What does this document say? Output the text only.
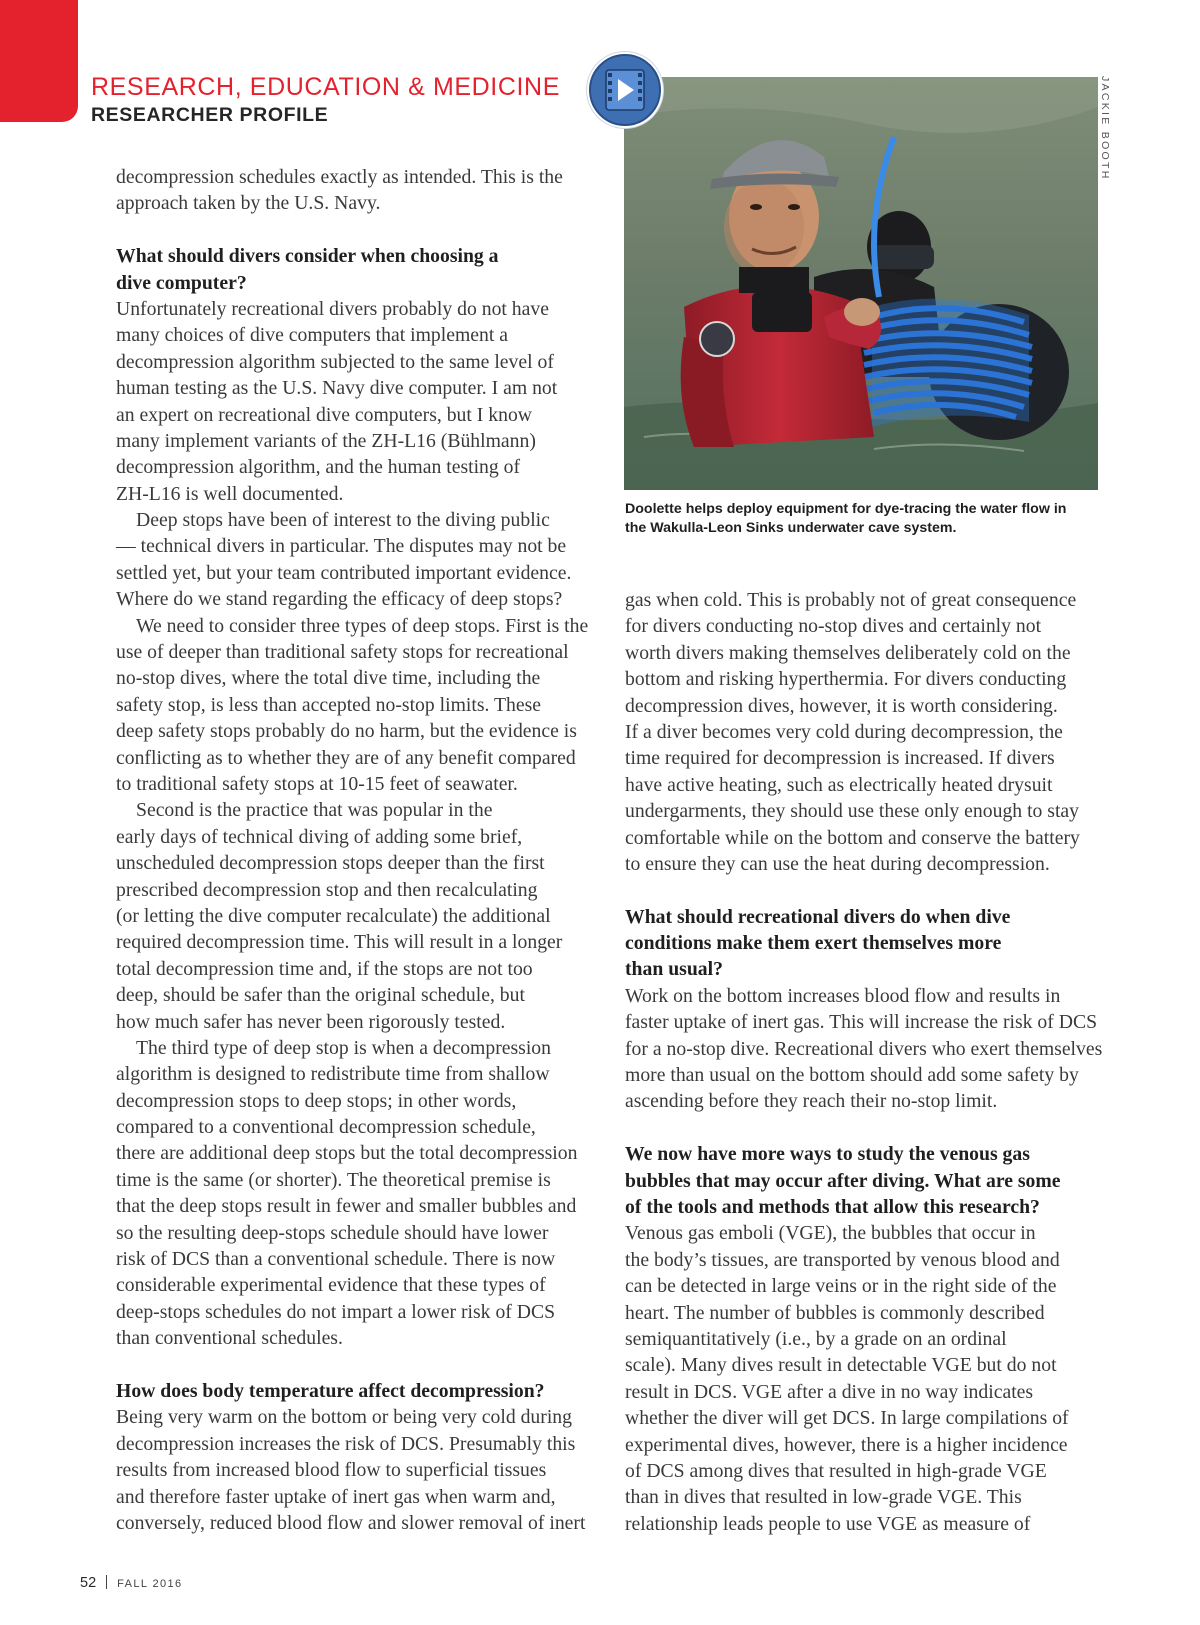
RESEARCH, EDUCATION & MEDICINE
RESEARCHER PROFILE	JACKIE BOOTH
Doolette helps deploy equipment for dye-tracing the water flow in
the Wakulla-Leon Sinks underwater cave system.
decompression schedules exactly as intended. This is the
approach taken by the U.S. Navy.
What should divers consider when choosing a
dive computer?
Unfortunately recreational divers probably do not have
many choices of dive computers that implement a
decompression algorithm subjected to the same level of
human testing as the U.S. Navy dive computer. I am not
an expert on recreational dive computers, but I know
many implement variants of the ZH-L16 (Bühlmann)
decompression algorithm, and the human testing of
ZH-L16 is well documented.
Deep stops have been of interest to the diving public
— technical divers in particular. The disputes may not be
settled yet, but your team contributed important evidence.
Where do we stand regarding the efficacy of deep stops?
We need to consider three types of deep stops. First is the
use of deeper than traditional safety stops for recreational
no-stop dives, where the total dive time, including the
safety stop, is less than accepted no-stop limits. These
deep safety stops probably do no harm, but the evidence is
conflicting as to whether they are of any benefit compared
to traditional safety stops at 10-15 feet of seawater.
Second is the practice that was popular in the
early days of technical diving of adding some brief,
unscheduled decompression stops deeper than the first
prescribed decompression stop and then recalculating
(or letting the dive computer recalculate) the additional
required decompression time. This will result in a longer
total decompression time and, if the stops are not too
deep, should be safer than the original schedule, but
how much safer has never been rigorously tested.
The third type of deep stop is when a decompression
algorithm is designed to redistribute time from shallow
decompression stops to deep stops; in other words,
compared to a conventional decompression schedule,
there are additional deep stops but the total decompression
time is the same (or shorter). The theoretical premise is
that the deep stops result in fewer and smaller bubbles and
so the resulting deep-stops schedule should have lower
risk of DCS than a conventional schedule. There is now
considerable experimental evidence that these types of
deep-stops schedules do not impart a lower risk of DCS
than conventional schedules.
How does body temperature affect decompression?
Being very warm on the bottom or being very cold during
decompression increases the risk of DCS. Presumably this
results from increased blood flow to superficial tissues
and therefore faster uptake of inert gas when warm and,
conversely, reduced blood flow and slower removal of inert
gas when cold. This is probably not of great consequence
for divers conducting no-stop dives and certainly not
worth divers making themselves deliberately cold on the
bottom and risking hyperthermia. For divers conducting
decompression dives, however, it is worth considering.
If a diver becomes very cold during decompression, the
time required for decompression is increased. If divers
have active heating, such as electrically heated drysuit
undergarments, they should use these only enough to stay
comfortable while on the bottom and conserve the battery
to ensure they can use the heat during decompression.
What should recreational divers do when dive
conditions make them exert themselves more
than usual?
Work on the bottom increases blood flow and results in
faster uptake of inert gas. This will increase the risk of DCS
for a no-stop dive. Recreational divers who exert themselves
more than usual on the bottom should add some safety by
ascending before they reach their no-stop limit.
We now have more ways to study the venous gas
bubbles that may occur after diving. What are some
of the tools and methods that allow this research?
Venous gas emboli (VGE), the bubbles that occur in
the body’s tissues, are transported by venous blood and
can be detected in large veins or in the right side of the
heart. The number of bubbles is commonly described
semiquantitatively (i.e., by a grade on an ordinal
scale). Many dives result in detectable VGE but do not
result in DCS. VGE after a dive in no way indicates
whether the diver will get DCS. In large compilations of
experimental dives, however, there is a higher incidence
of DCS among dives that resulted in high-grade VGE
than in dives that resulted in low-grade VGE. This
relationship leads people to use VGE as measure of
52 FALL 2016
